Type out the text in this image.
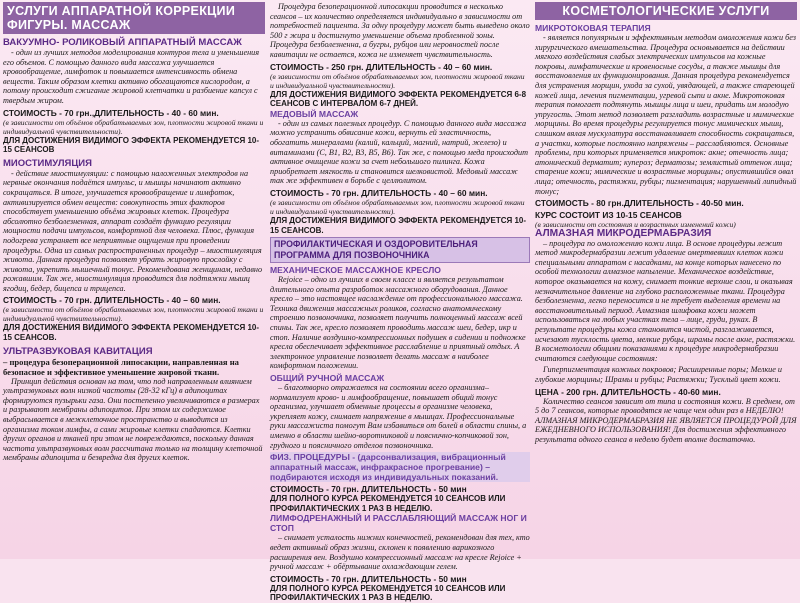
УСЛУГИ АППАРАТНОЙ КОРРЕКЦИИ ФИГУРЫ. МАССАЖ
ВАКУУМНО- РОЛИКОВЫЙ АППАРАТНЫЙ МАССАЖ

- один из лучших методов моделирования контуров тела и уменьшения его объемов. С помощью данного вида массажа улучшается кровообращение, лимфоток и повышается интенсивность обмена веществ. Таким образом клетки активно обогащаются кислородом, а потому происходит сжигание жировой клетчатки и разбиение капсул с твердым жиром.

СТОИМОСТЬ - 70 грн.,ДЛИТЕЛЬНОСТЬ - 40 - 60 мин.
(в зависимости от объёмов обрабатываемых зон, плотности жировой ткани и индивидуальной чувствительности).
ДЛЯ ДОСТИЖЕНИЯ ВИДИМОГО ЭФФЕКТА РЕКОМЕНДУЕТСЯ 10-15 СЕАНСОВ
МИОСТИМУЛЯЦИЯ

- действие миостимуляции: с помощью наложенных электродов на нервные окончания подаётся импульс, и мышцы начинают активно сокращаться. В итоге, улучшается кровообращение и лимфоток, активизируется обмен веществ: совокупность этих факторов способствует уменьшению объёма жировых клеток. Процедура абсолютно безболезненная, аппарат создаёт функцию регуляции мощности подачи импульсов, комфортной для человека. Плюс, функция подогрева устраняет все неприятные ощущения при проведении процедуры. Одна из самых распространенных процедур – миостимуляция живота. Данная процедура позволяет убрать жировую прослойку с живота, укрепить мышечный тонус. Рекомендована женщинам, недавно рожавшим. Так же, миостимуляция проводится для подтяжки мышц ягодиц, бедер, бицепса и трицепса.

СТОИМОСТЬ - 70 грн. ДЛИТЕЛЬНОСТЬ - 40 – 60 мин.
(в зависимости от объёмов обрабатываемых зон, плотности жировой ткани и индивидуальной чувствительности).
ДЛЯ ДОСТИЖЕНИЯ ВИДИМОГО ЭФФЕКТА РЕКОМЕНДУЕТСЯ 10-15 СЕАНСОВ.
УЛЬТРАЗВУКОВАЯ КАВИТАЦИЯ
– процедура безоперационной липосакции, направленная на безопасное и эффективное уменьшение жировой ткани.

Принцип действия основан на том, что под направленным влиянием ультразвуковых волн низкой частоты (28-32 кГц) в адипоцитах формируются пузырьки газа. Они постепенно увеличиваются в размерах и разрывают мембраны адипоцитов. При этом их содержимое выбрасывается в межклеточное пространство и выводится из организма током лимфы, а сами жировые клетки спадаются. Клетки других органов и тканей при этом не повреждаются, поскольку данная частота ультразвуковых волн рассчитана только на толщину клеточной мембраны адипоцита и безвредна для других клеток.

Процедура безоперационной липосакции проводится в несколько сеансов – их количество определяется индивидуально в зависимости от потребностей пациента. За одну процедуру может быть выведено около 500 г жира и достигнуто уменьшение объема проблемной зоны. Процедура безболезненна, а бугры, рубцов или неровностей после кавитации не остается, кожа не изменяет чувствительность.

СТОИМОСТЬ - 250 грн. ДЛИТЕЛЬНОСТЬ - 40 – 60 мин.
(в зависимости от объёмов обрабатываемых зон, плотности жировой ткани и индивидуальной чувствительности).
ДЛЯ ДОСТИЖЕНИЯ ВИДИМОГО ЭФФЕКТА РЕКОМЕНДУЕТСЯ 6-8 СЕАНСОВ С ИНТЕРВАЛОМ 6-7 ДНЕЙ.
МЕДОВЫЙ МАССАЖ

- один из самых полезных процедур. С помощью данного вида массажа можно устранить обвисание кожи, вернуть ей эластичность, обогатить минералами (калий, кальций, магний, натрий, железо) и витаминами (С, В1, В2, В3, В5, В6). Так же, с помощью меда происходит активное очищение кожи за счет небольшого пилинга. Кожа приобретает мягкость и становится шелковистой. Медовый массаж так же эффективен в борьбе с целлюлитом.

СТОИМОСТЬ - 70 грн. ДЛИТЕЛЬНОСТЬ - 40 – 60 мин.
(в зависимости от объёмов обрабатываемых зон, плотности жировой ткани и индивидуальной чувствительности).
ДЛЯ ДОСТИЖЕНИЯ ВИДИМОГО ЭФФЕКТА РЕКОМЕНДУЕТСЯ 10-15 СЕАНСОВ.
ПРОФИЛАКТИЧЕСКАЯ И ОЗДОРОВИТЕЛЬНАЯ ПРОГРАММА ДЛЯ ПОЗВОНОЧНИКА
МЕХАНИЧЕСКОЕ МАССАЖНОЕ КРЕСЛО

Rejoice – одно из лучших в своем классе и является результатом длительного опыта разработок массажного оборудования. Данное кресло – это настоящее наслаждение от профессионального массажа. Техника движения массажных роликов, согласно анатомическому строению позвоночника, позволяет получить полноценный массаж всей спины. Так же, кресло позволяет проводить массаж шеи, бедер, икр и стоп. Наличие воздушно-компрессионных подушек в сидении и подножке кресла обеспечивает эффективное расслабление и приятный отдых. А электронное управление позволяет делать массаж в наиболее комфортном положении.

ОБЩИЙ РУЧНОЙ МАССАЖ

– благотворно отражается на состоянии всего организма– нормализует крово- и лимфообращение, повышает общий тонус организма, улучшает обменные процессы в организме человека, укрепляет кожу, снимает напряжение в мышцах. Профессиональные руки массажиста помогут Вам избавиться от болей в области спины, а именно в области шейно-воротниковой и пояснично-копчиковой зон, грудного и поясничного отделов позвоночника.

ФИЗ. ПРОЦЕДУРЫ - (дарсонвализация, вибрационный аппаратный массаж, инфракрасное прогревание) – подбираются исходя из индивидуальных показаний.
СТОИМОСТЬ - 70 грн. ДЛИТЕЛЬНОСТЬ - 50 мин
ДЛЯ ПОЛНОГО КУРСА РЕКОМЕНДУЕТСЯ 10 СЕАНСОВ ИЛИ ПРОФИЛАКТИЧЕСКИХ 1 РАЗ В НЕДЕЛЮ.
ЛИМФОДРЕНАЖНЫЙ И РАССЛАБЛЯЮЩИЙ МАССАЖ НОГ И СТОП

– снимает усталость нижних конечностей, рекомендован для тех, кто ведет активный образ жизни, склонен к появлению варикозного расширения вен. Воздушно компрессионный массаж на кресле Rejoice + ручной массаж + обёртывание охлаждающим гелем.

СТОИМОСТЬ - 70 грн. ДЛИТЕЛЬНОСТЬ - 50 мин
ДЛЯ ПОЛНОГО КУРСА РЕКОМЕНДУЕТСЯ 10 СЕАНСОВ ИЛИ ПРОФИЛАКТИЧЕСКИХ 1 РАЗ В НЕДЕЛЮ.
КОСМЕТОЛОГИЧЕСКИЕ УСЛУГИ
МИКРОТОКОВАЯ ТЕРАПИЯ

- является популярным и эффективным методом омоложения кожи без хирургического вмешательства. Процедура основывается на действии мягкого воздействия слабых электрических импульсов на кожные покровы, лимфатические и кровеносные сосуды, а также мышцы для восстановления их функционирования. Данная процедура рекомендуется для устранения морщин, ухода за сухой, увядающей, а также стареющей кожей лица, лечения пигментации, угревой сыпи и акне. Микротоковая терапия помогает подтянуть мышцы лица и шеи, придать им молодую упругость. Этот метод позволяет разгладить возрастные и мимические морщины. Во время процедуры регулируется тонус мимических мышц, слишком вялая мускулатура восстанавливает способность сокращаться, а участки, которые постоянно напряжены – расслабляются. Основные проблемы, при которых применяется микроток: акне; отечность лица; атонический дерматит; купероз; дерматозы; землистый оттенок лица; старение кожи; мимические и возрастные морщины; опустившийся овал лица; отечность, растяжки, рубцы; пигментация; нарушенный липидный тонус;

СТОИМОСТЬ - 80 грн.ДЛИТЕЛЬНОСТЬ - 40-50 мин.
КУРС СОСТОИТ ИЗ 10-15 СЕАНСОВ
(в зависимости от состояния и возрастных изменений кожи)
АЛМАЗНАЯ МИКРОДЕРМАБРАЗИЯ

– процедура по омоложению кожи лица. В основе процедуры лежит метод микродермабразии лежит удаление омертвевших клеток кожи специальными аппаратом с насадками, на конце которых нанесено по особой технологии алмазное напыление. Механическое воздействие, которое оказывается на кожу, снимает тонкие верхние слои, и оказывая незначительное давление на глубоко расположенные ткани. Процедура безболезненна, легко переносится и не требует выделения времени на восстановительный период. Алмазная шлифовка кожи может использоваться на любых участках тела – лице, груди, руках. В результате процедуры кожа становится чистой, разглаживается, исчезают тусклость цвета, мелкие рубцы, шрамы после акне, растяжки. В косметологии общими показаниями к процедуре микродермабразии считаются следующие состояния:

Гиперпигментация кожных покровов; Расширенные поры; Мелкие и глубокие морщины; Шрамы и рубцы; Растяжки; Тусклый цвет кожи.

ЦЕНА - 200 грн. ДЛИТЕЛЬНОСТЬ - 40-60 мин.

Количество сеансов зависит от типа и состояния кожи. В среднем, от 5 до 7 сеансов, которые проводятся не чаще чем один раз в НЕДЕЛЮ! АЛМАЗНАЯ МИКРОДЕРМАБРАЗИЯ НЕ ЯВЛЯЕТСЯ ПРОЦЕДУРОЙ ДЛЯ ЕЖЕДНЕВНОГО ИСПОЛЬЗОВАНИЯ! Для достижения эффективного результата одного сеанса в неделю будет вполне достаточно.
